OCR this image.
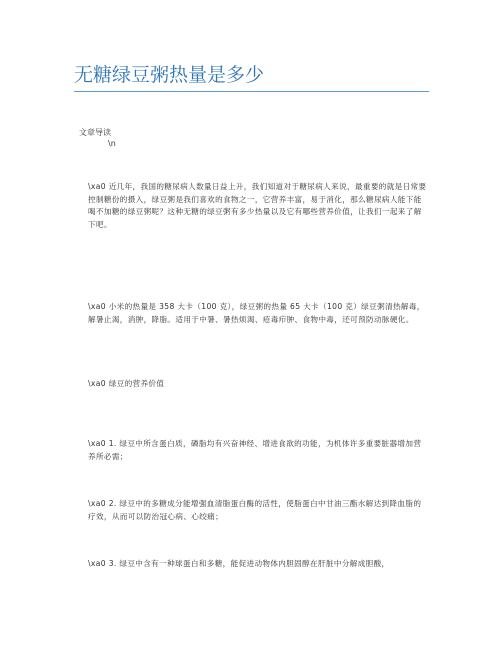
无糖绿豆粥热量是多少
文章导读
\n
\xa0 近几年，我国的糖尿病人数量日益上升，我们知道对于糖尿病人来说，最重要的就是日常要控制糖份的摄入，绿豆粥是我们喜欢的食物之一，它营养丰富，易于消化，那么糖尿病人能下能喝不加糖的绿豆粥呢？这种无糖的绿豆粥有多少热量以及它有哪些营养价值，让我们一起来了解下吧。
\xa0 小米的热量是 358 大卡（100 克），绿豆粥的热量 65 大卡（100 克）绿豆粥清热解毒，解暑止渴，消肿，降脂。适用于中暑、暑热烦渴、疮毒疖肿、食物中毒，还可预防动脉硬化。
\xa0 绿豆的营养价值
\xa0 1. 绿豆中所含蛋白质，磷脂均有兴奋神经、增进食欲的功能，为机体许多重要脏器增加营养所必需；
\xa0 2. 绿豆中的多糖成分能增强血清脂蛋白酶的活性，使脂蛋白中甘油三酯水解达到降血脂的疗效，从而可以防治冠心病、心绞痛；
\xa0 3. 绿豆中含有一种球蛋白和多糖，能促进动物体内胆固醇在肝脏中分解成胆酸，
